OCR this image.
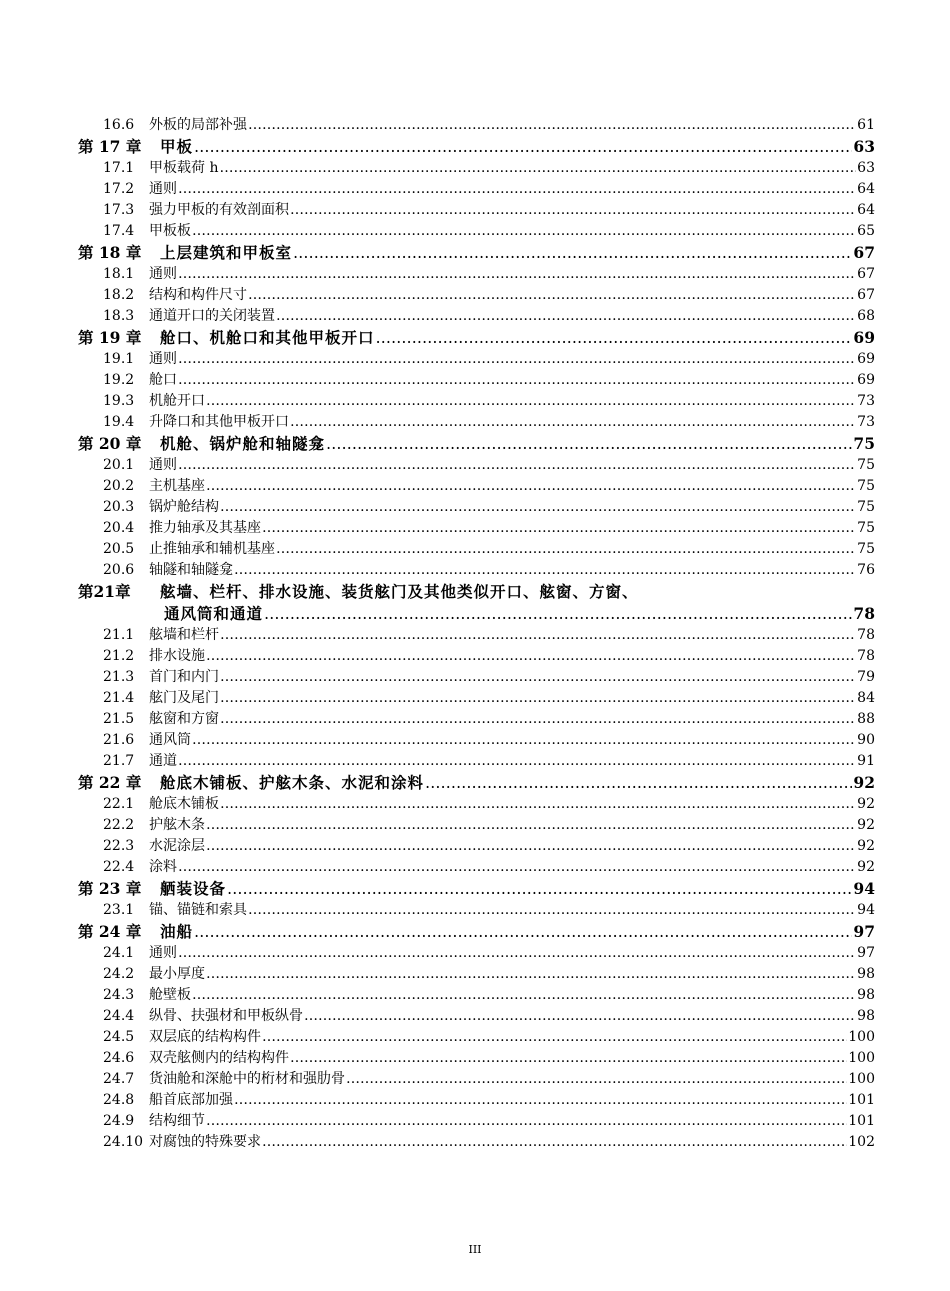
16.6	外板的局部补强 ……………………………………………………………………………………………………………………………………………………………………………………………………………	61
第 17 章	甲板 ……………………………………………………………………………………………………………………………………………………………………………………………………………	63
17.1	甲板载荷 h ……………………………………………………………………………………………………………………………………………………………………………………………………………	63
17.2	通则 ……………………………………………………………………………………………………………………………………………………………………………………………………………	64
17.3	强力甲板的有效剖面积 ……………………………………………………………………………………………………………………………………………………………………………………………………………	64
17.4	甲板板 ……………………………………………………………………………………………………………………………………………………………………………………………………………	65
第 18 章	上层建筑和甲板室 ……………………………………………………………………………………………………………………………………………………………………………………………………………	67
18.1	通则 ……………………………………………………………………………………………………………………………………………………………………………………………………………	67
18.2	结构和构件尺寸 ……………………………………………………………………………………………………………………………………………………………………………………………………………	67
18.3	通道开口的关闭装置 ……………………………………………………………………………………………………………………………………………………………………………………………………………	68
第 19 章	舱口、机舱口和其他甲板开口 ……………………………………………………………………………………………………………………………………………………………………………………………………………	69
19.1	通则 ……………………………………………………………………………………………………………………………………………………………………………………………………………	69
19.2	舱口 ……………………………………………………………………………………………………………………………………………………………………………………………………………	69
19.3	机舱开口 ……………………………………………………………………………………………………………………………………………………………………………………………………………	73
19.4	升降口和其他甲板开口 ……………………………………………………………………………………………………………………………………………………………………………………………………………	73
第 20 章	机舱、锅炉舱和轴隧龛 ……………………………………………………………………………………………………………………………………………………………………………………………………………	75
20.1	通则 ……………………………………………………………………………………………………………………………………………………………………………………………………………	75
20.2	主机基座 ……………………………………………………………………………………………………………………………………………………………………………………………………………	75
20.3	锅炉舱结构 ……………………………………………………………………………………………………………………………………………………………………………………………………………	75
20.4	推力轴承及其基座 ……………………………………………………………………………………………………………………………………………………………………………………………………………	75
20.5	止推轴承和辅机基座 ……………………………………………………………………………………………………………………………………………………………………………………………………………	75
20.6	轴隧和轴隧龛 ……………………………………………………………………………………………………………………………………………………………………………………………………………	76
第21章	舷墙、栏杆、排水设施、装货舷门及其他类似开口、舷窗、方窗、
通风筒和通道 ……………………………………………………………………………………………………………………………………………………………………………………………………………	78
21.1	舷墙和栏杆 ……………………………………………………………………………………………………………………………………………………………………………………………………………	78
21.2	排水设施 ……………………………………………………………………………………………………………………………………………………………………………………………………………	78
21.3	首门和内门 ……………………………………………………………………………………………………………………………………………………………………………………………………………	79
21.4	舷门及尾门 ……………………………………………………………………………………………………………………………………………………………………………………………………………	84
21.5	舷窗和方窗 ……………………………………………………………………………………………………………………………………………………………………………………………………………	88
21.6	通风筒 ……………………………………………………………………………………………………………………………………………………………………………………………………………	90
21.7	通道 ……………………………………………………………………………………………………………………………………………………………………………………………………………	91
第 22 章	舱底木铺板、护舷木条、水泥和涂料 ……………………………………………………………………………………………………………………………………………………………………………………………………………	92
22.1	舱底木铺板 ……………………………………………………………………………………………………………………………………………………………………………………………………………	92
22.2	护舷木条 ……………………………………………………………………………………………………………………………………………………………………………………………………………	92
22.3	水泥涂层 ……………………………………………………………………………………………………………………………………………………………………………………………………………	92
22.4	涂料 ……………………………………………………………………………………………………………………………………………………………………………………………………………	92
第 23 章	舾装设备 ……………………………………………………………………………………………………………………………………………………………………………………………………………	94
23.1	锚、锚链和索具 ……………………………………………………………………………………………………………………………………………………………………………………………………………	94
第 24 章	油船 ……………………………………………………………………………………………………………………………………………………………………………………………………………	97
24.1	通则 ……………………………………………………………………………………………………………………………………………………………………………………………………………	97
24.2	最小厚度 ……………………………………………………………………………………………………………………………………………………………………………………………………………	98
24.3	舱壁板 ……………………………………………………………………………………………………………………………………………………………………………………………………………	98
24.4	纵骨、扶强材和甲板纵骨 ……………………………………………………………………………………………………………………………………………………………………………………………………………	98
24.5	双层底的结构构件 ……………………………………………………………………………………………………………………………………………………………………………………………………………	100
24.6	双壳舷侧内的结构构件 ……………………………………………………………………………………………………………………………………………………………………………………………………………	100
24.7	货油舱和深舱中的桁材和强肋骨 ……………………………………………………………………………………………………………………………………………………………………………………………………………	100
24.8	船首底部加强 ……………………………………………………………………………………………………………………………………………………………………………………………………………	101
24.9	结构细节 ……………………………………………………………………………………………………………………………………………………………………………………………………………	101
24.10 对腐蚀的特殊要求 ……………………………………………………………………………………………………………………………………………………………………………………………………………	102
III
